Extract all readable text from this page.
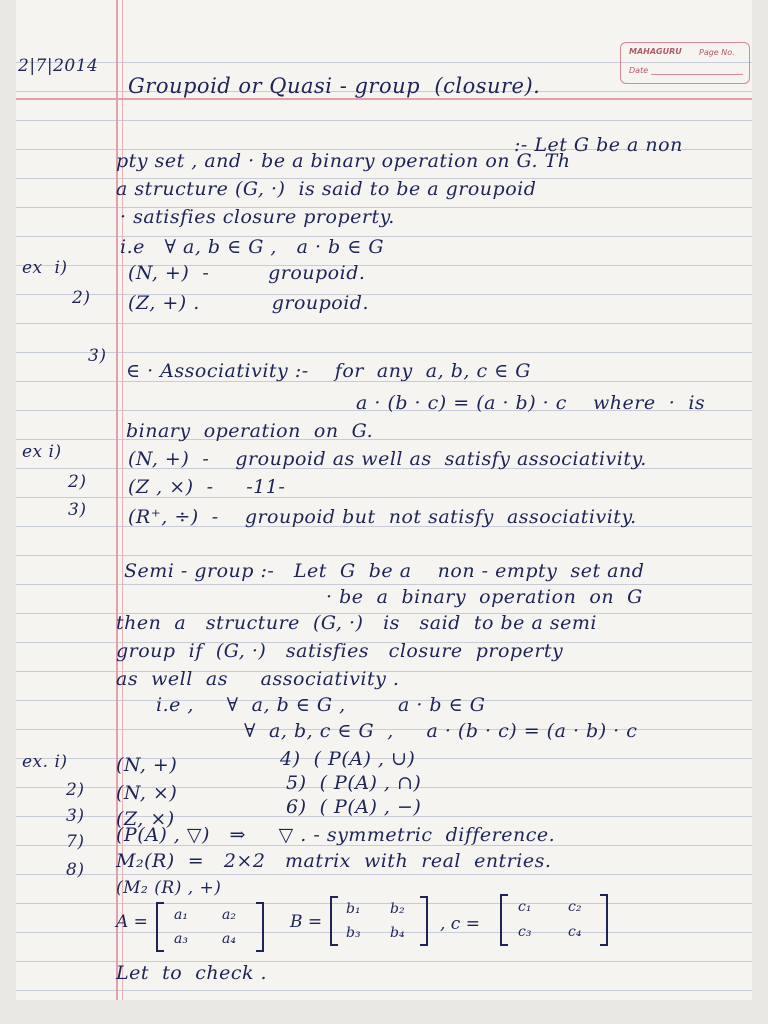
MAHAGURU Page No.
Date
2|7|2014
Groupoid or Quasi - group  (closure).
:- Let G be a non
pty set , and · be a binary operation on G. Th
a structure (G, ·)  is said to be a groupoid
· satisfies closure property.
i.e   ∀ a, b ∈ G ,   a · b ∈ G
ex  i)	(N, +)  -         groupoid.
2) (Z, +) .           groupoid.
3)
∈ · Associativity :-    for  any  a, b, c ∈ G
a · (b · c) = (a · b) · c    where  ·  is
binary  operation  on  G.
ex i)	(N, +)  -    groupoid as well as  satisfy associativity.
2) (Z , ×)  -     -11-
3) (R⁺, ÷)  -    groupoid but  not satisfy  associativity.
Semi - group :-   Let  G  be a    non - empty  set and
· be  a  binary  operation  on  G
then  a   structure  (G, ·)   is   said  to be a semi
group  if  (G, ·)   satisfies   closure  property
as  well  as     associativity .
i.e ,     ∀  a, b ∈ G ,        a · b ∈ G
∀  a, b, c ∈ G  ,     a · (b · c) = (a · b) · c
ex. i)	(N, +)	4)  ( P(A) , ∪)
2) (N, ×)	5)  ( P(A) , ∩)
3) (Z, ×)
6)  ( P(A) , −)
7) (P(A) , ▽)   ⇒     ▽ . - symmetric  difference.
8) M₂(R)  =   2×2   matrix  with  real  entries.
(M₂ (R) , +)
A = a₁ a₂
a₃ a₄
B =
b₁ b₂
b₃ b₄ , c =
c₁	c₂
c₃	c₄
Let  to  check .
